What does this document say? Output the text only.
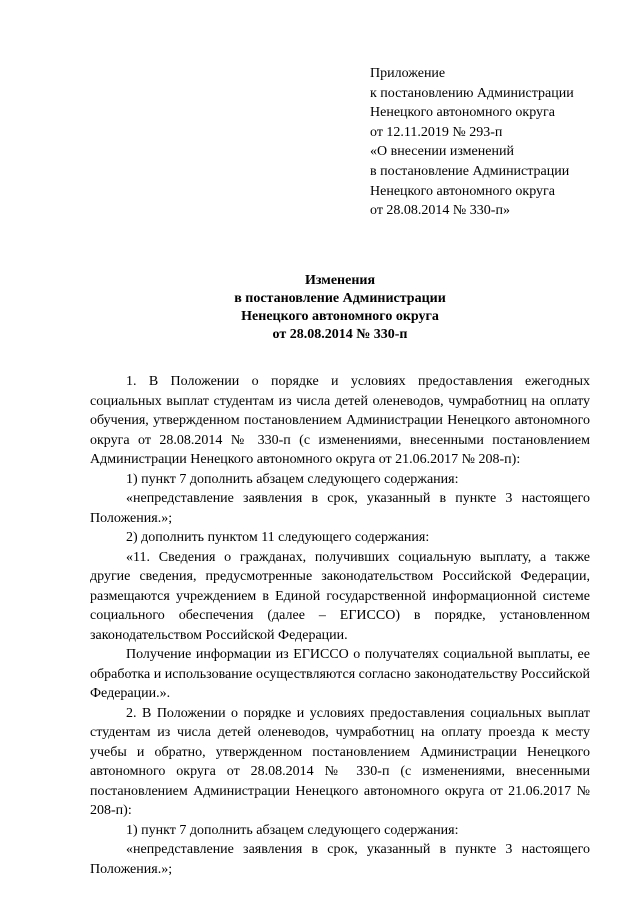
Приложение
к постановлению Администрации
Ненецкого автономного округа
от 12.11.2019 № 293-п
«О внесении изменений
в постановление Администрации
Ненецкого автономного округа
от 28.08.2014 № 330-п»
Изменения
в постановление Администрации
Ненецкого автономного округа
от 28.08.2014 № 330-п

1. В Положении о порядке и условиях предоставления ежегодных социальных выплат студентам из числа детей оленеводов, чумработниц на оплату обучения, утвержденном постановлением Администрации Ненецкого автономного округа от 28.08.2014 № 330-п (с изменениями, внесенными постановлением Администрации Ненецкого автономного округа от 21.06.2017 № 208-п):

1) пункт 7 дополнить абзацем следующего содержания:

«непредставление заявления в срок, указанный в пункте 3 настоящего Положения.»;

2) дополнить пунктом 11 следующего содержания:

«11. Сведения о гражданах, получивших социальную выплату, а также другие сведения, предусмотренные законодательством Российской Федерации, размещаются учреждением в Единой государственной информационной системе социального обеспечения (далее – ЕГИССО) в порядке, установленном законодательством Российской Федерации.

Получение информации из ЕГИССО о получателях социальной выплаты, ее обработка и использование осуществляются согласно законодательству Российской Федерации.».

2. В Положении о порядке и условиях предоставления социальных выплат студентам из числа детей оленеводов, чумработниц на оплату проезда к месту учебы и обратно, утвержденном постановлением Администрации Ненецкого автономного округа от 28.08.2014 № 330-п (с изменениями, внесенными постановлением Администрации Ненецкого автономного округа от 21.06.2017 № 208-п):

1) пункт 7 дополнить абзацем следующего содержания:

«непредставление заявления в срок, указанный в пункте 3 настоящего Положения.»;
